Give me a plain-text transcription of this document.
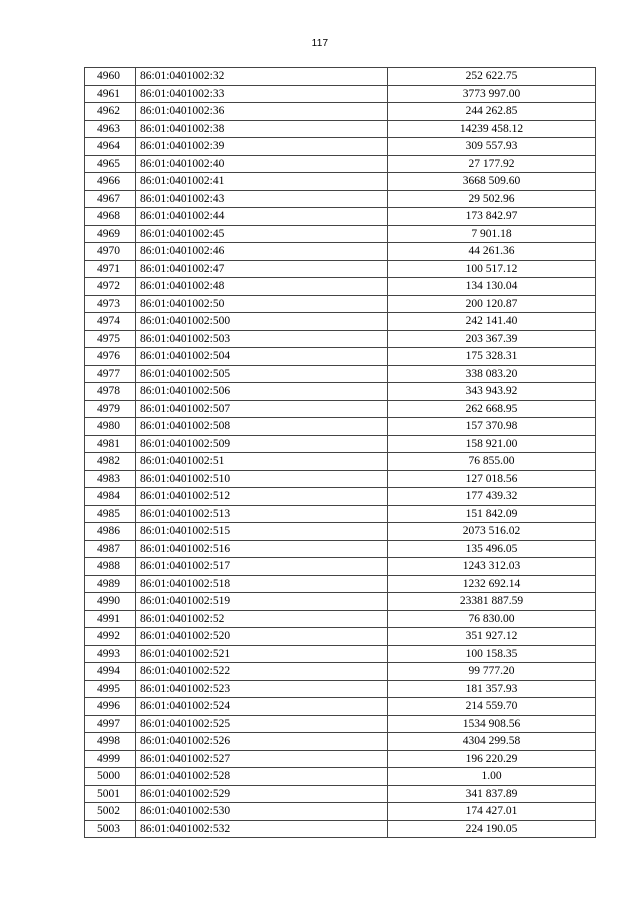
117
4960	86:01:0401002:32	252 622.75
4961	86:01:0401002:33	3773 997.00
4962	86:01:0401002:36	244 262.85
4963	86:01:0401002:38	14239 458.12
4964	86:01:0401002:39	309 557.93
4965	86:01:0401002:40	27 177.92
4966	86:01:0401002:41	3668 509.60
4967	86:01:0401002:43	29 502.96
4968	86:01:0401002:44	173 842.97
4969	86:01:0401002:45	7 901.18
4970	86:01:0401002:46	44 261.36
4971	86:01:0401002:47	100 517.12
4972	86:01:0401002:48	134 130.04
4973	86:01:0401002:50	200 120.87
4974	86:01:0401002:500	242 141.40
4975	86:01:0401002:503	203 367.39
4976	86:01:0401002:504	175 328.31
4977	86:01:0401002:505	338 083.20
4978	86:01:0401002:506	343 943.92
4979	86:01:0401002:507	262 668.95
4980	86:01:0401002:508	157 370.98
4981	86:01:0401002:509	158 921.00
4982	86:01:0401002:51	76 855.00
4983	86:01:0401002:510	127 018.56
4984	86:01:0401002:512	177 439.32
4985	86:01:0401002:513	151 842.09
4986	86:01:0401002:515	2073 516.02
4987	86:01:0401002:516	135 496.05
4988	86:01:0401002:517	1243 312.03
4989	86:01:0401002:518	1232 692.14
4990	86:01:0401002:519	23381 887.59
4991	86:01:0401002:52	76 830.00
4992	86:01:0401002:520	351 927.12
4993	86:01:0401002:521	100 158.35
4994	86:01:0401002:522	99 777.20
4995	86:01:0401002:523	181 357.93
4996	86:01:0401002:524	214 559.70
4997	86:01:0401002:525	1534 908.56
4998	86:01:0401002:526	4304 299.58
4999	86:01:0401002:527	196 220.29
5000	86:01:0401002:528	1.00
5001	86:01:0401002:529	341 837.89
5002	86:01:0401002:530	174 427.01
5003	86:01:0401002:532	224 190.05
